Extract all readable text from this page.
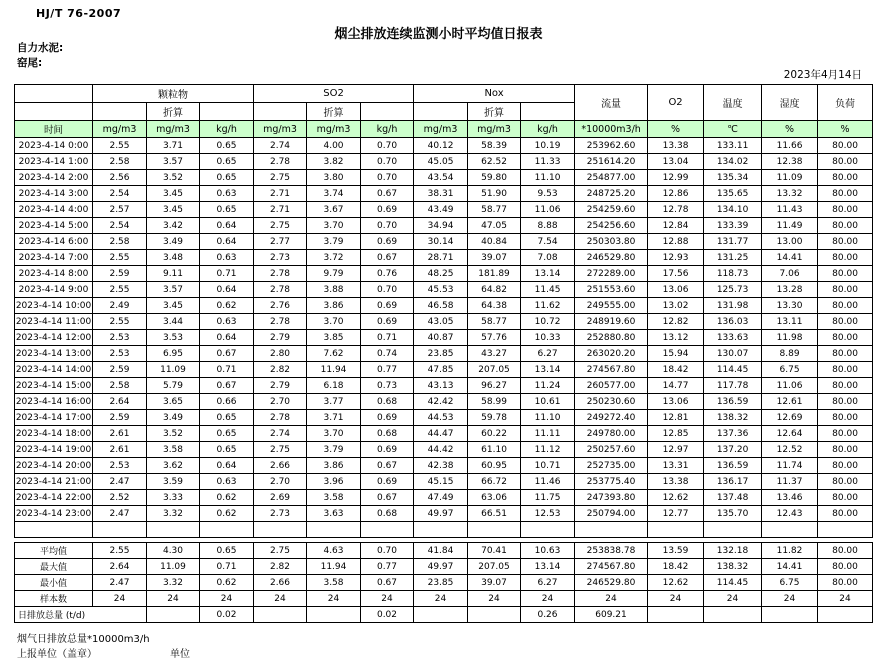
HJ/T 76-2007
烟尘排放连续监测小时平均值日报表
自力水泥:
窑尾:
2023年4月14日
	颗粒物			SO2			Nox			流量	O2	温度	湿度	负荷
		折算			折算			折算						
时间	mg/m3	mg/m3	kg/h	mg/m3	mg/m3	kg/h	mg/m3	mg/m3	kg/h	*10000m3/h	%	℃	%	%
2023-4-14 0:00	2.55	3.71	0.65	2.74	4.00	0.70	40.12	58.39	10.19	253962.60	13.38	133.11	11.66	80.00
2023-4-14 1:00	2.58	3.57	0.65	2.78	3.82	0.70	45.05	62.52	11.33	251614.20	13.04	134.02	12.38	80.00
2023-4-14 2:00	2.56	3.52	0.65	2.75	3.80	0.70	43.54	59.80	11.10	254877.00	12.99	135.34	11.09	80.00
2023-4-14 3:00	2.54	3.45	0.63	2.71	3.74	0.67	38.31	51.90	9.53	248725.20	12.86	135.65	13.32	80.00
2023-4-14 4:00	2.57	3.45	0.65	2.71	3.67	0.69	43.49	58.77	11.06	254259.60	12.78	134.10	11.43	80.00
2023-4-14 5:00	2.54	3.42	0.64	2.75	3.70	0.70	34.94	47.05	8.88	254256.60	12.84	133.39	11.49	80.00
2023-4-14 6:00	2.58	3.49	0.64	2.77	3.79	0.69	30.14	40.84	7.54	250303.80	12.88	131.77	13.00	80.00
2023-4-14 7:00	2.55	3.48	0.63	2.73	3.72	0.67	28.71	39.07	7.08	246529.80	12.93	131.25	14.41	80.00
2023-4-14 8:00	2.59	9.11	0.71	2.78	9.79	0.76	48.25	181.89	13.14	272289.00	17.56	118.73	7.06	80.00
2023-4-14 9:00	2.55	3.57	0.64	2.78	3.88	0.70	45.53	64.82	11.45	251553.60	13.06	125.73	13.28	80.00
2023-4-14 10:00	2.49	3.45	0.62	2.76	3.86	0.69	46.58	64.38	11.62	249555.00	13.02	131.98	13.30	80.00
2023-4-14 11:00	2.55	3.44	0.63	2.78	3.70	0.69	43.05	58.77	10.72	248919.60	12.82	136.03	13.11	80.00
2023-4-14 12:00	2.53	3.53	0.64	2.79	3.85	0.71	40.87	57.76	10.33	252880.80	13.12	133.63	11.98	80.00
2023-4-14 13:00	2.53	6.95	0.67	2.80	7.62	0.74	23.85	43.27	6.27	263020.20	15.94	130.07	8.89	80.00
2023-4-14 14:00	2.59	11.09	0.71	2.82	11.94	0.77	47.85	207.05	13.14	274567.80	18.42	114.45	6.75	80.00
2023-4-14 15:00	2.58	5.79	0.67	2.79	6.18	0.73	43.13	96.27	11.24	260577.00	14.77	117.78	11.06	80.00
2023-4-14 16:00	2.64	3.65	0.66	2.70	3.77	0.68	42.42	58.99	10.61	250230.60	13.06	136.59	12.61	80.00
2023-4-14 17:00	2.59	3.49	0.65	2.78	3.71	0.69	44.53	59.78	11.10	249272.40	12.81	138.32	12.69	80.00
2023-4-14 18:00	2.61	3.52	0.65	2.74	3.70	0.68	44.47	60.22	11.11	249780.00	12.85	137.36	12.64	80.00
2023-4-14 19:00	2.61	3.58	0.65	2.75	3.79	0.69	44.42	61.10	11.12	250257.60	12.97	137.20	12.52	80.00
2023-4-14 20:00	2.53	3.62	0.64	2.66	3.86	0.67	42.38	60.95	10.71	252735.00	13.31	136.59	11.74	80.00
2023-4-14 21:00	2.47	3.59	0.63	2.70	3.96	0.69	45.15	66.72	11.46	253775.40	13.38	136.17	11.37	80.00
2023-4-14 22:00	2.52	3.33	0.62	2.69	3.58	0.67	47.49	63.06	11.75	247393.80	12.62	137.48	13.46	80.00
2023-4-14 23:00	2.47	3.32	0.62	2.73	3.63	0.68	49.97	66.51	12.53	250794.00	12.77	135.70	12.43	80.00

平均值	2.55	4.30	0.65	2.75	4.63	0.70	41.84	70.41	10.63	253838.78	13.59	132.18	11.82	80.00
最大值	2.64	11.09	0.71	2.82	11.94	0.77	49.97	207.05	13.14	274567.80	18.42	138.32	14.41	80.00
最小值	2.47	3.32	0.62	2.66	3.58	0.67	23.85	39.07	6.27	246529.80	12.62	114.45	6.75	80.00
样本数	24	24	24	24	24	24	24	24	24	24	24	24	24	24
日排放总量 (t/d)			0.02			0.02			0.26	609.21				
烟气日排放总量*10000m3/h
上报单位（盖章）	单位
